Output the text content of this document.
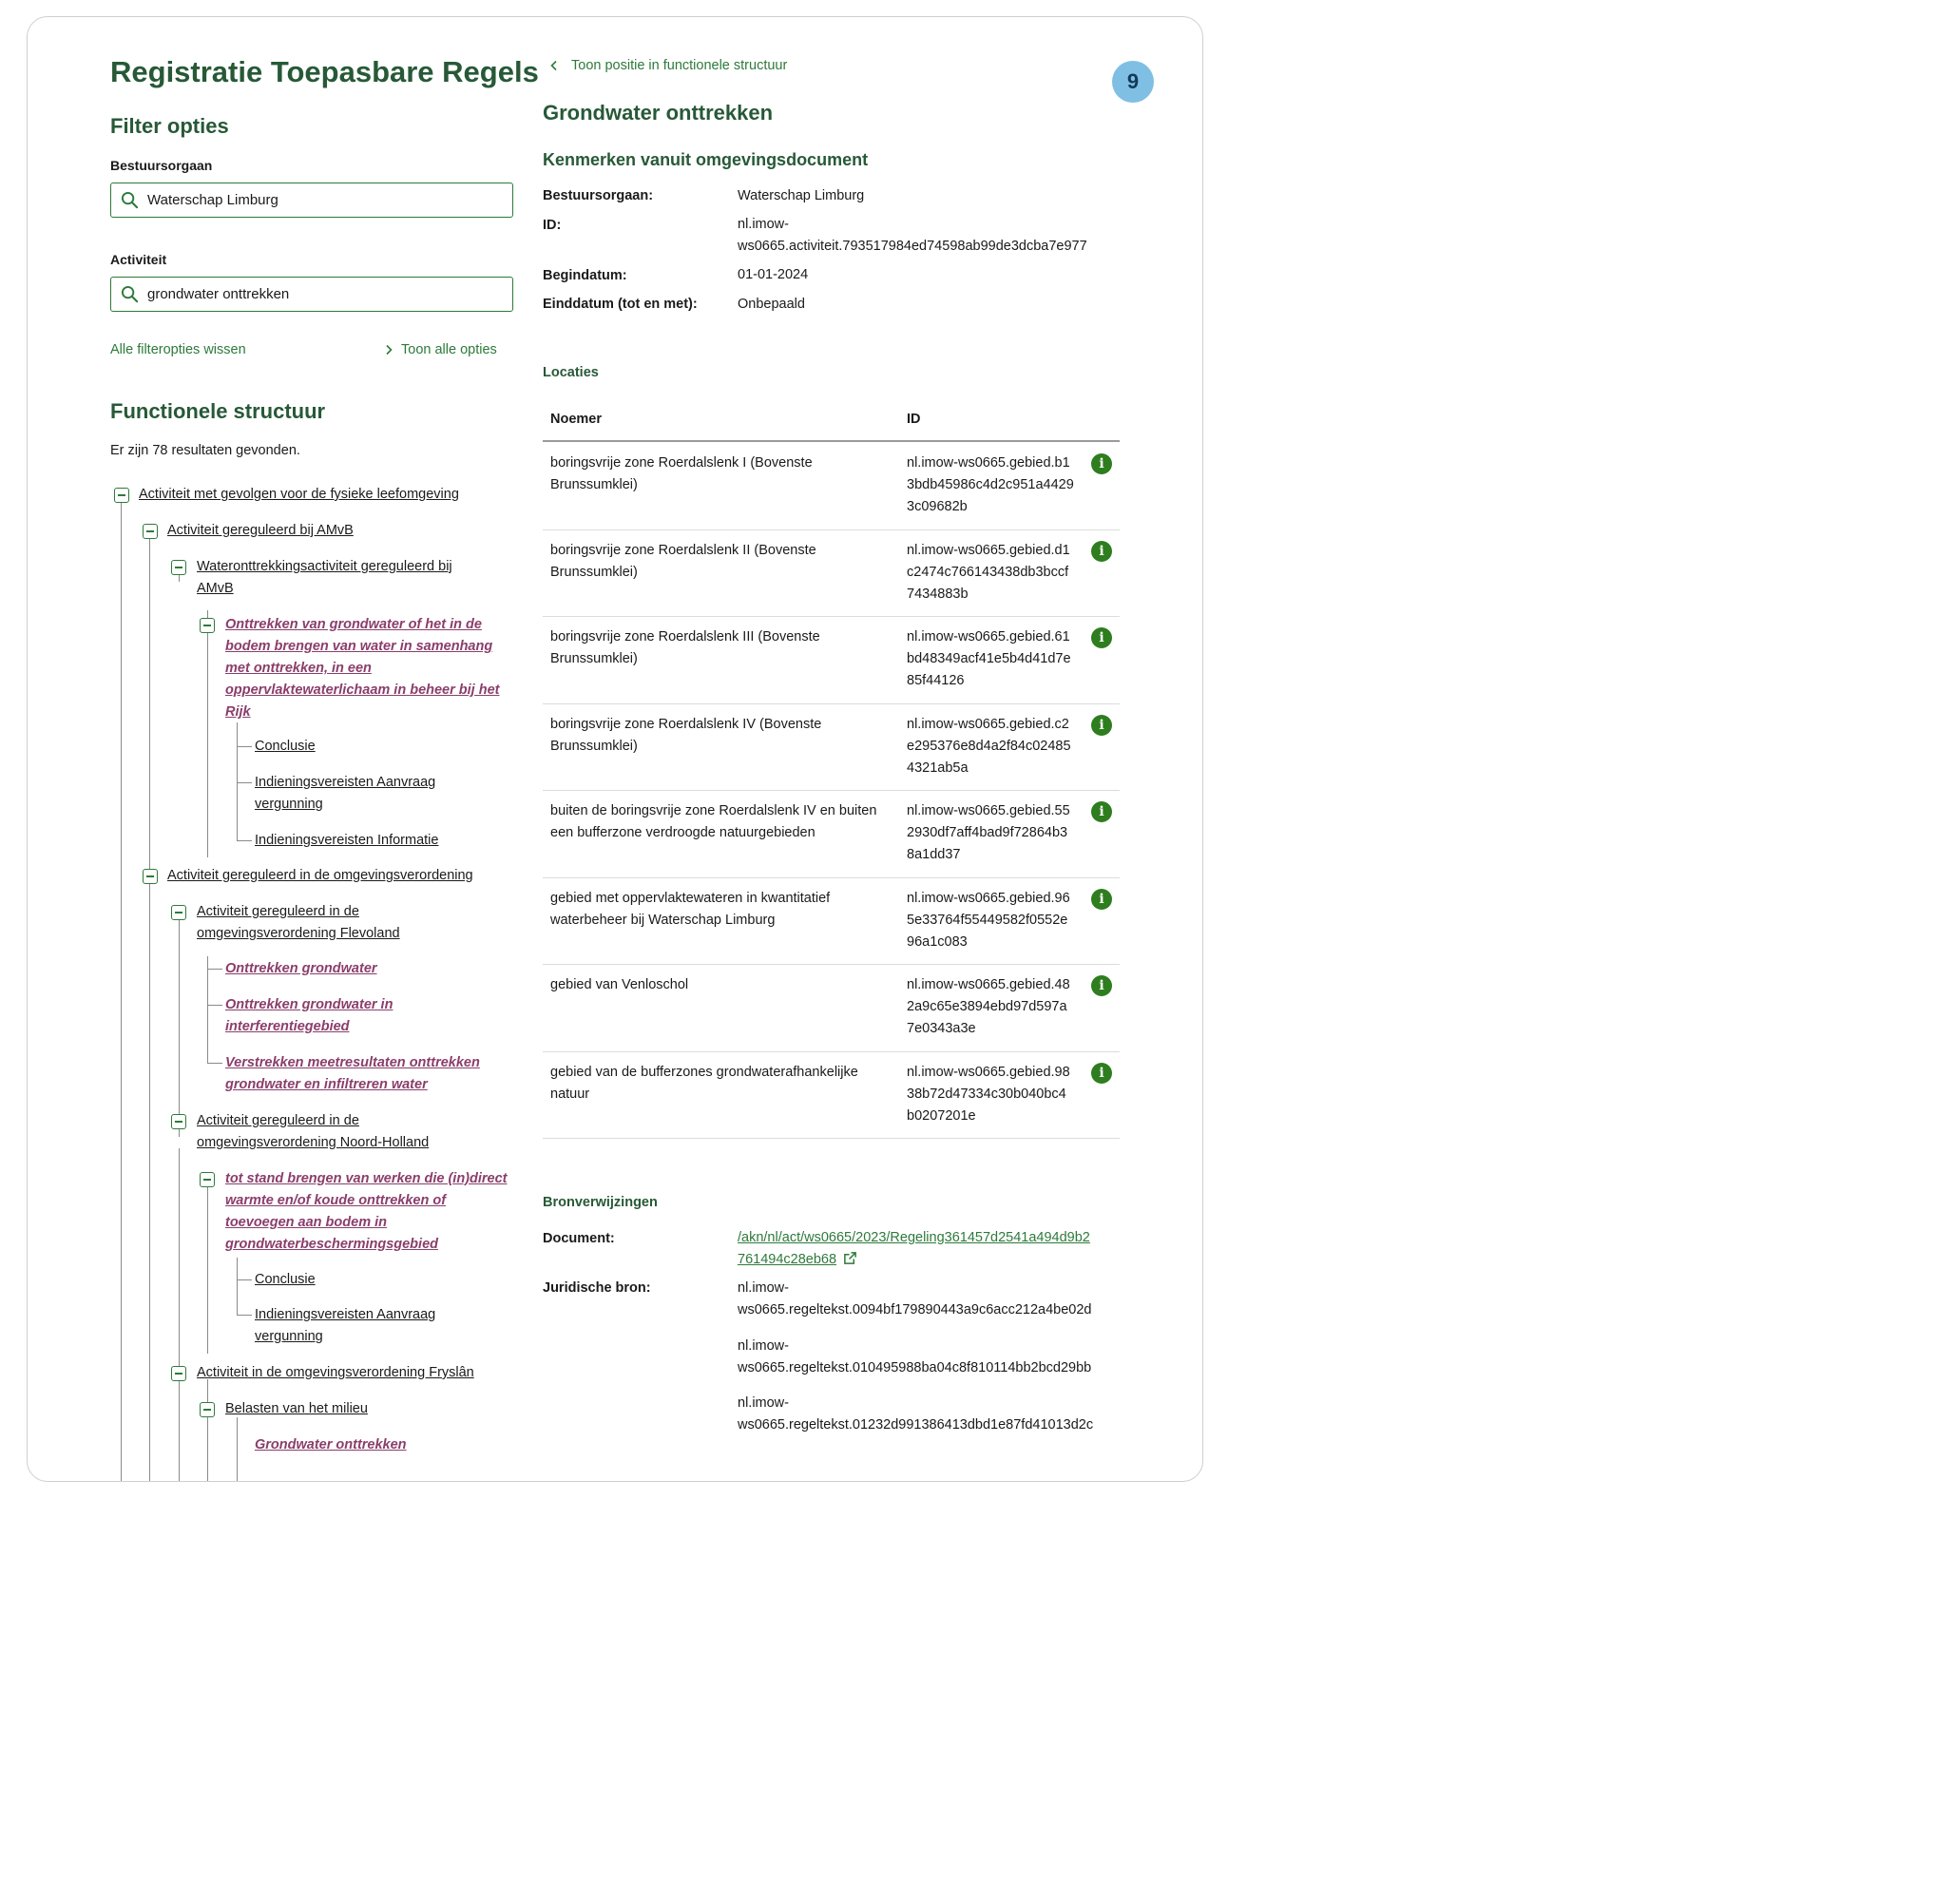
Registratie Toepasbare Regels
Filter opties
Bestuursorgaan
Waterschap Limburg
Activiteit
grondwater onttrekken
Alle filteropties wissen	Toon alle opties
Functionele structuur
Er zijn 78 resultaten gevonden.
Activiteit met gevolgen voor de fysieke leefomgeving
Activiteit gereguleerd bij AMvB
Wateronttrekkingsactiviteit gereguleerd bij
AMvB
Onttrekken van grondwater of het in de
bodem brengen van water in samenhang
met onttrekken, in een
oppervlaktewaterlichaam in beheer bij het
Rijk
Conclusie
Indieningsvereisten Aanvraag
vergunning
Indieningsvereisten Informatie
Activiteit gereguleerd in de omgevingsverordening
Activiteit gereguleerd in de
omgevingsverordening Flevoland
Onttrekken grondwater
Onttrekken grondwater in
interferentiegebied
Verstrekken meetresultaten onttrekken
grondwater en infiltreren water
Activiteit gereguleerd in de
omgevingsverordening Noord-Holland
tot stand brengen van werken die (in)direct
warmte en/of koude onttrekken of
toevoegen aan bodem in
grondwaterbeschermingsgebied
Conclusie
Indieningsvereisten Aanvraag
vergunning
Activiteit in de omgevingsverordening Fryslân
Belasten van het milieu
Grondwater onttrekken
Toon positie in functionele structuur
9
Grondwater onttrekken
Kenmerken vanuit omgevingsdocument
Bestuursorgaan:	Waterschap Limburg
ID:	nl.imow-
ws0665.activiteit.793517984ed74598ab99de3dcba7e977
Begindatum:	01-01-2024
Einddatum (tot en met):	Onbepaald
Locaties
Noemer	ID
boringsvrije zone Roerdalslenk I (Bovenste
Brunssumklei)
nl.imow-ws0665.gebied.b1
3bdb45986c4d2c951a4429
3c09682b
i
boringsvrije zone Roerdalslenk II (Bovenste
Brunssumklei)
nl.imow-ws0665.gebied.d1
c2474c766143438db3bccf
7434883b
i
boringsvrije zone Roerdalslenk III (Bovenste
Brunssumklei)
nl.imow-ws0665.gebied.61
bd48349acf41e5b4d41d7e
85f44126
i
boringsvrije zone Roerdalslenk IV (Bovenste
Brunssumklei)
nl.imow-ws0665.gebied.c2
e295376e8d4a2f84c02485
4321ab5a
i
buiten de boringsvrije zone Roerdalslenk IV en buiten
een bufferzone verdroogde natuurgebieden
nl.imow-ws0665.gebied.55
2930df7aff4bad9f72864b3
8a1dd37
i
gebied met oppervlaktewateren in kwantitatief
waterbeheer bij Waterschap Limburg
nl.imow-ws0665.gebied.96
5e33764f55449582f0552e
96a1c083
i
gebied van Venloschol	nl.imow-ws0665.gebied.48
2a9c65e3894ebd97d597a
7e0343a3e
i
gebied van de bufferzones grondwaterafhankelijke
natuur
nl.imow-ws0665.gebied.98
38b72d47334c30b040bc4
b0207201e
i
Bronverwijzingen
Document:	/akn/nl/act/ws0665/2023/Regeling361457d2541a494d9b2
761494c28eb68
Juridische bron:	nl.imow-
ws0665.regeltekst.0094bf179890443a9c6acc212a4be02d
nl.imow-
ws0665.regeltekst.010495988ba04c8f810114bb2bcd29bb
nl.imow-
ws0665.regeltekst.01232d991386413dbd1e87fd41013d2c
